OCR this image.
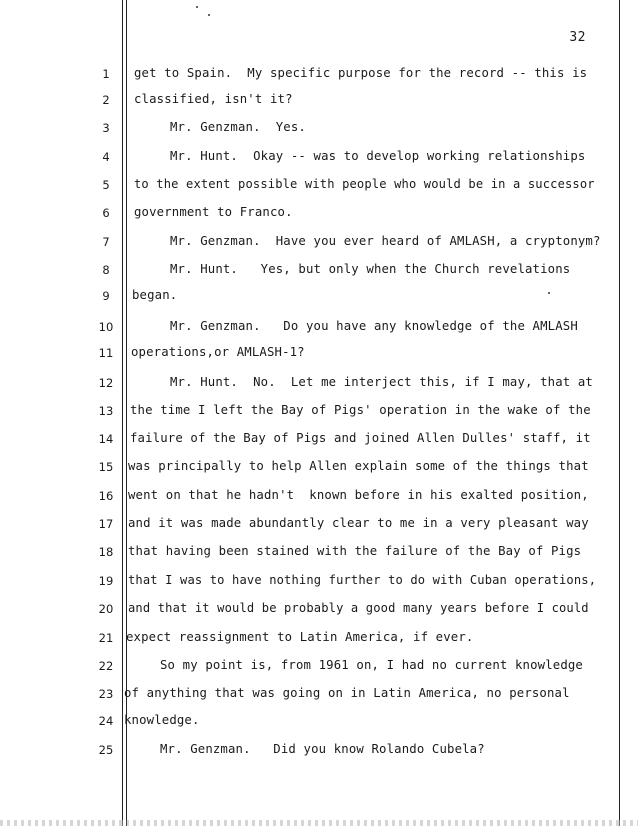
32
1	get to Spain.  My specific purpose for the record -- this is
2	classified, isn't it?
3	Mr. Genzman.  Yes.
4	Mr. Hunt.  Okay -- was to develop working relationships
5	to the extent possible with people who would be in a successor
6	government to Franco.
7	Mr. Genzman.  Have you ever heard of AMLASH, a cryptonym?
8	Mr. Hunt.   Yes, but only when the Church revelations
9	began.
10	Mr. Genzman.   Do you have any knowledge of the AMLASH
11	operations,or AMLASH-1?
12	Mr. Hunt.  No.  Let me interject this, if I may, that at
13	the time I left the Bay of Pigs' operation in the wake of the
14	failure of the Bay of Pigs and joined Allen Dulles' staff, it
15	was principally to help Allen explain some of the things that
16	went on that he hadn't  known before in his exalted position,
17	and it was made abundantly clear to me in a very pleasant way
18	that having been stained with the failure of the Bay of Pigs
19	that I was to have nothing further to do with Cuban operations,
20	and that it would be probably a good many years before I could
21	expect reassignment to Latin America, if ever.
22	So my point is, from 1961 on, I had no current knowledge
23 of anything that was going on in Latin America, no personal
24 knowledge.
25	Mr. Genzman.   Did you know Rolando Cubela?
